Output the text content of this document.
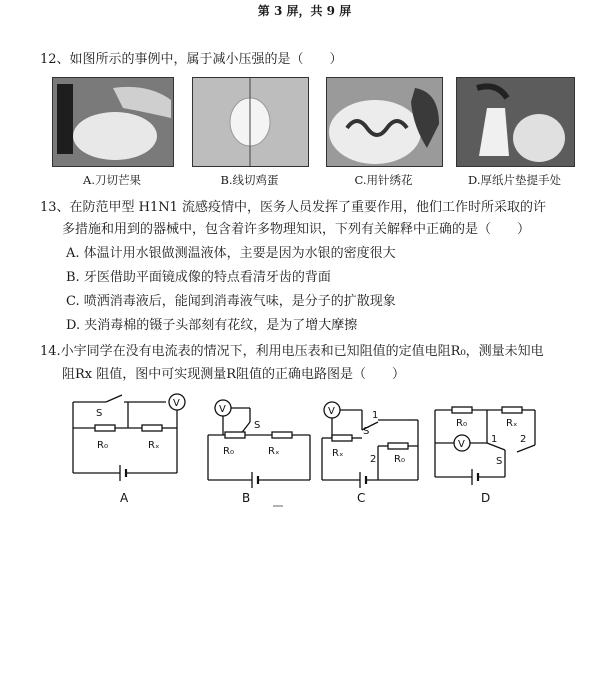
第 3 屏，共 9 屏
12、如图所示的事例中，属于减小压强的是（　　）
A.刀切芒果	B.线切鸡蛋	C.用针绣花	D.厚纸片垫提手处
13、在防范甲型 H1N1 流感疫情中，医务人员发挥了重要作用，他们工作时所采取的许
多措施和用到的器械中，包含着许多物理知识，下列有关解释中正确的是（　　）
A. 体温计用水银做测温液体，主要是因为水银的密度很大
B. 牙医借助平面镜成像的特点看清牙齿的背面
C. 喷洒消毒液后，能闻到消毒液气味，是分子的扩散现象
D. 夹消毒棉的镊子头部刻有花纹，是为了增大摩擦
14.小宇同学在没有电流表的情况下，利用电压表和已知阻值的定值电阻R₀，测量未知电
阻Rx 阻值，图中可实现测量R阻值的正确电路图是（　　）
V
V	V
V
S
S
S
S
R₀	Rₓ
R₀	Rₓ	Rₓ
R₀
R₀	Rₓ
1
2
1 2
A	B	C	D
